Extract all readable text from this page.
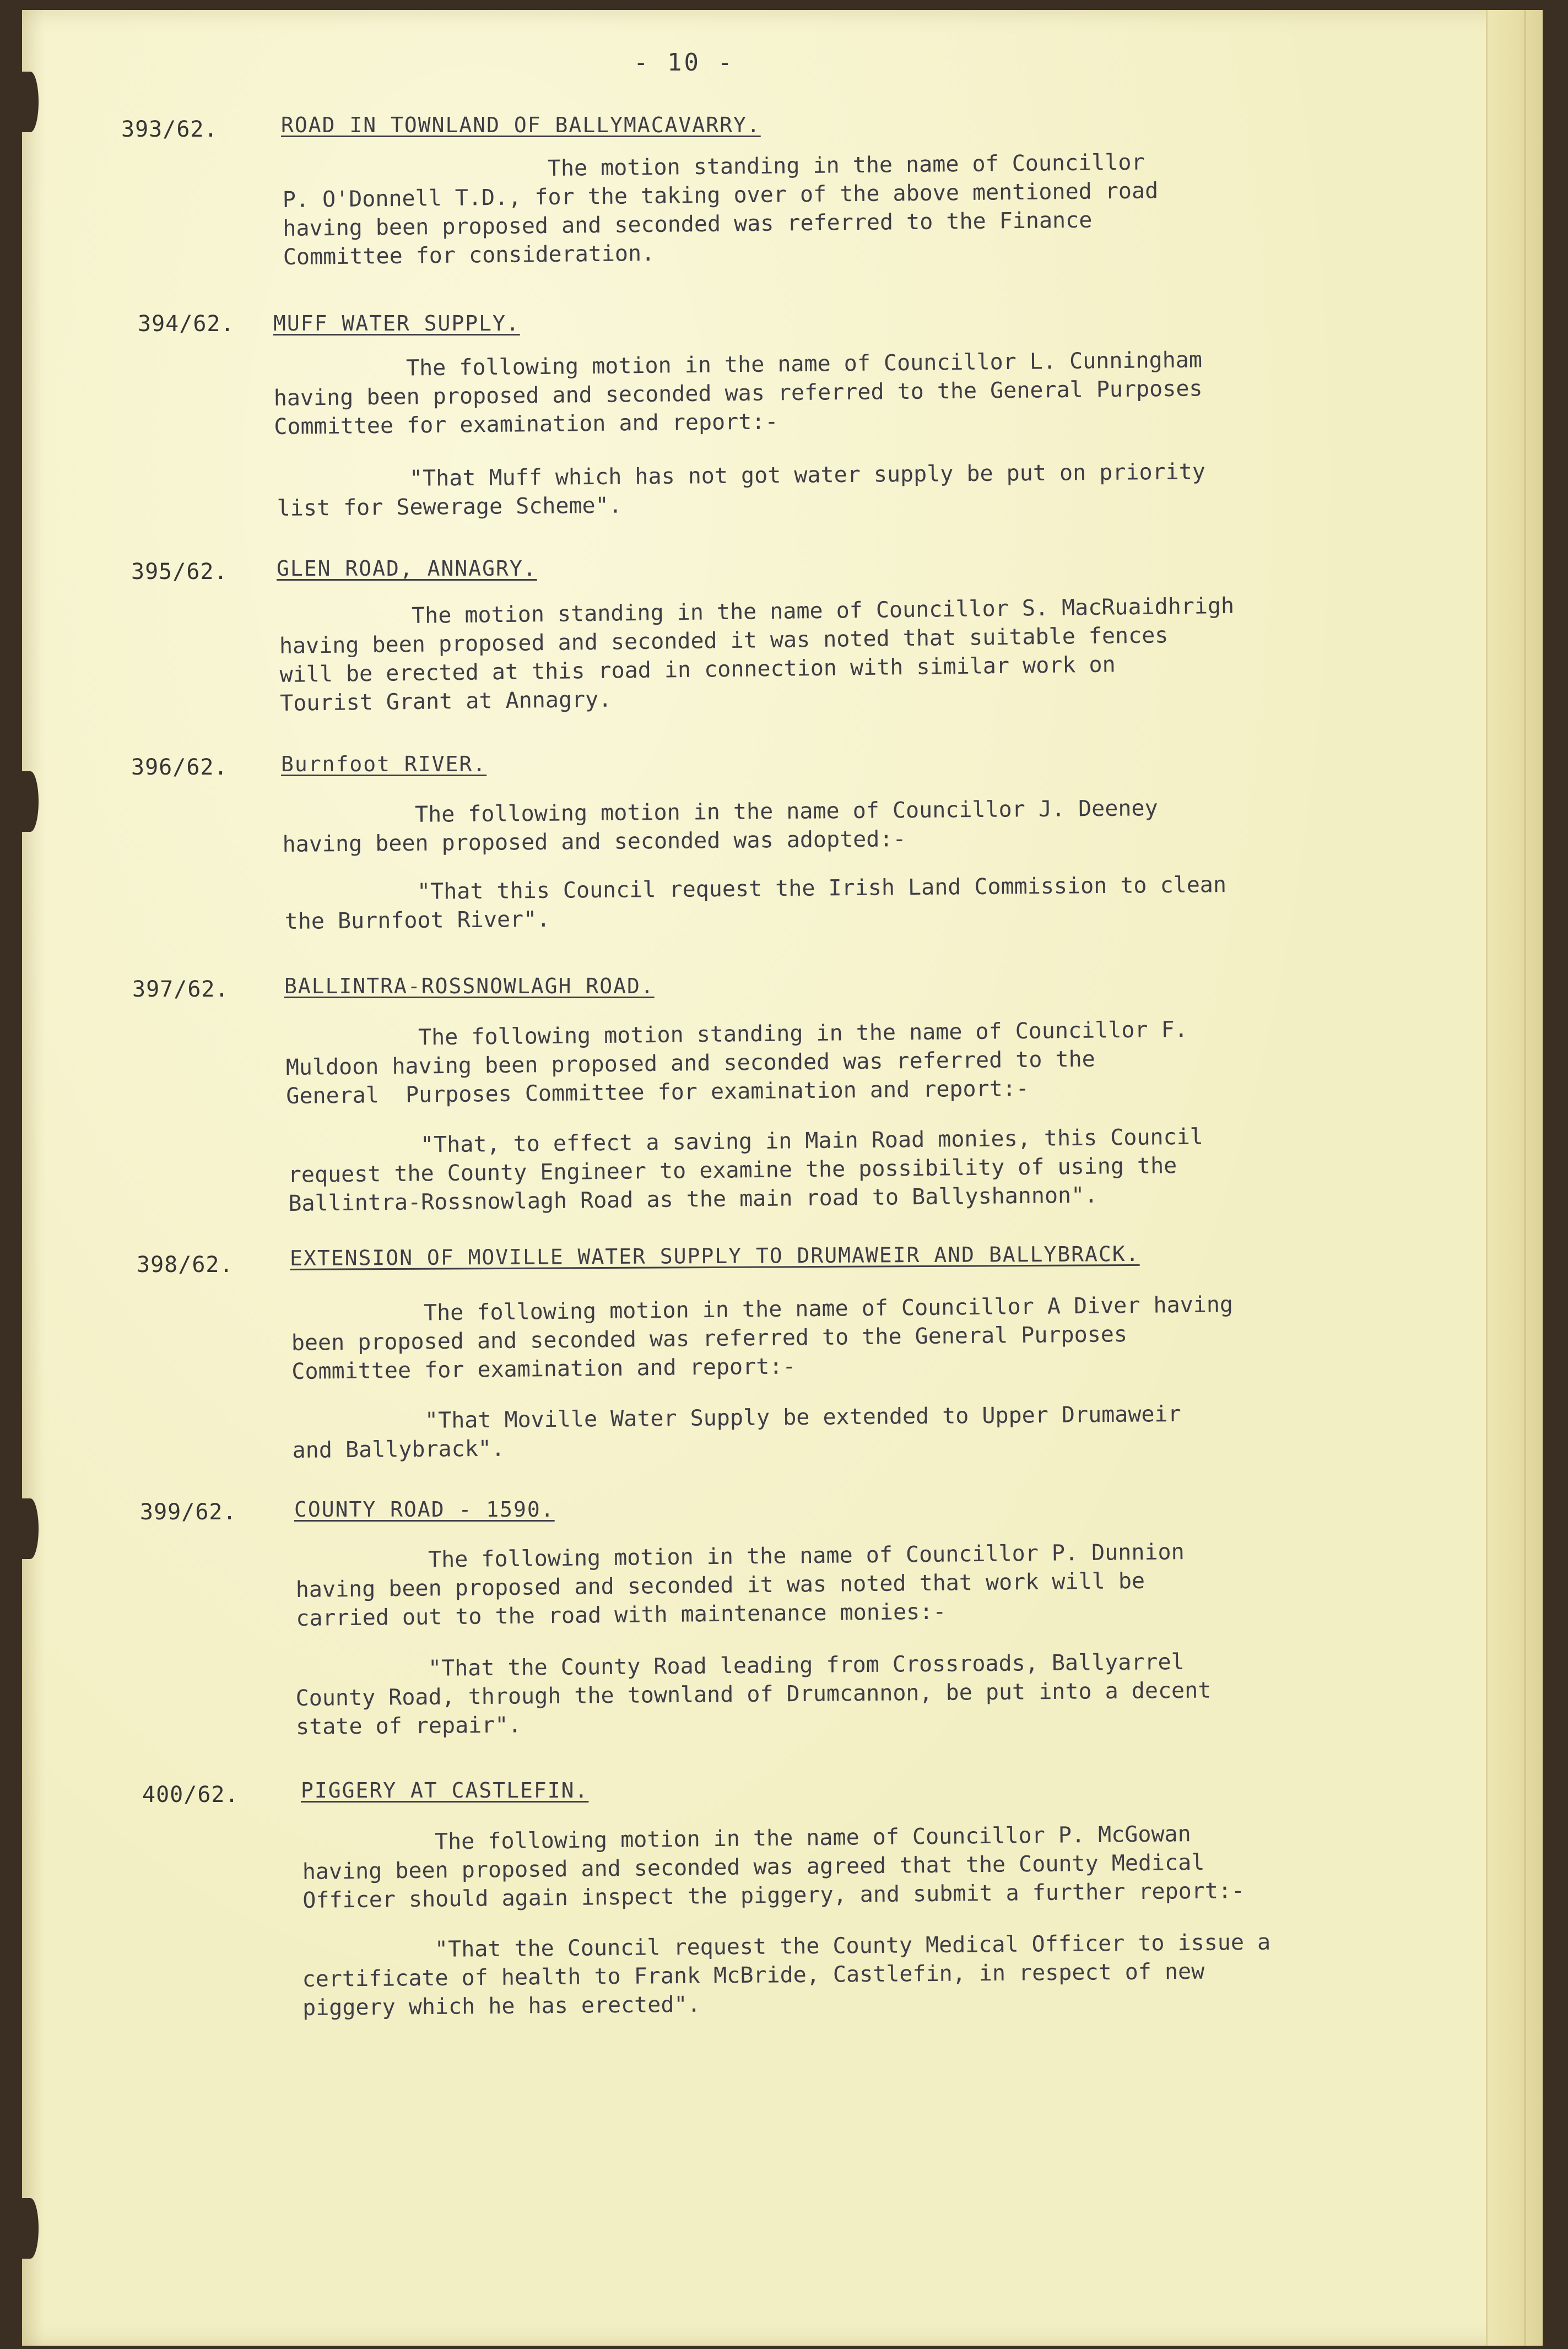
- 10 -
393/62.	ROAD IN TOWNLAND OF BALLYMACAVARRY.
The motion standing in the name of Councillor
P. O'Donnell T.D., for the taking over of the above mentioned road
having been proposed and seconded was referred to the Finance
Committee for consideration.
394/62. MUFF WATER SUPPLY.
The following motion in the name of Councillor L. Cunningham
having been proposed and seconded was referred to the General Purposes
Committee for examination and report:-
"That Muff which has not got water supply be put on priority
list for Sewerage Scheme".
395/62. GLEN ROAD, ANNAGRY.
The motion standing in the name of Councillor S. MacRuaidhrigh
having been proposed and seconded it was noted that suitable fences
will be erected at this road in connection with similar work on
Tourist Grant at Annagry.
396/62.	Burnfoot RIVER.
The following motion in the name of Councillor J. Deeney
having been proposed and seconded was adopted:-
"That this Council request the Irish Land Commission to clean
the Burnfoot River".
397/62.	BALLINTRA-ROSSNOWLAGH ROAD.
The following motion standing in the name of Councillor F.
Muldoon having been proposed and seconded was referred to the
General  Purposes Committee for examination and report:-
"That, to effect a saving in Main Road monies, this Council
request the County Engineer to examine the possibility of using the
Ballintra-Rossnowlagh Road as the main road to Ballyshannon".
398/62.	EXTENSION OF MOVILLE WATER SUPPLY TO DRUMAWEIR AND BALLYBRACK.
The following motion in the name of Councillor A Diver having
been proposed and seconded was referred to the General Purposes
Committee for examination and report:-
"That Moville Water Supply be extended to Upper Drumaweir
and Ballybrack".
399/62.	COUNTY ROAD - 1590.
The following motion in the name of Councillor P. Dunnion
having been proposed and seconded it was noted that work will be
carried out to the road with maintenance monies:-
"That the County Road leading from Crossroads, Ballyarrel
County Road, through the townland of Drumcannon, be put into a decent
state of repair".
400/62.	PIGGERY AT CASTLEFIN.
The following motion in the name of Councillor P. McGowan
having been proposed and seconded was agreed that the County Medical
Officer should again inspect the piggery, and submit a further report:-
"That the Council request the County Medical Officer to issue a
certificate of health to Frank McBride, Castlefin, in respect of new
piggery which he has erected".
